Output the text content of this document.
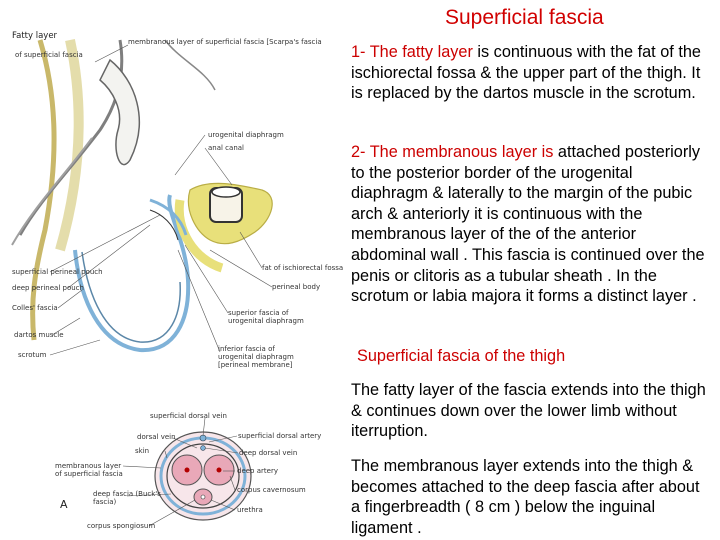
Superficial fascia

1- The fatty layer is continuous with the fat of the ischiorectal fossa & the upper part of the thigh. It is replaced by the dartos muscle in the scrotum.

2- The membranous layer is attached posteriorly to the posterior border of the urogenital diaphragm & laterally to the margin of the pubic arch & anteriorly it is continuous with the membranous layer of the of the anterior abdominal wall . This fascia is continued over the penis or clitoris as a tubular sheath . In the scrotum or labia majora it forms a distinct layer .

Superficial fascia of the thigh

The fatty layer of the fascia extends into the thigh & continues down over the lower limb without iterruption.

The membranous layer extends into the thigh & becomes attached to the deep fascia after about a fingerbreadth ( 8 cm ) below the inguinal ligament .

Fatty layer
membranous layer of superficial fascia [Scarpa's fascia
of superficial fascia
urogenital diaphragm
anal canal
fat of ischiorectal fossa
perineal body
superficial perineal pouch
deep perineal pouch
Colles' fascia
dartos muscle
scrotum
superior fascia of urogenital diaphragm
inferior fascia of urogenital diaphragm [perineal membrane]
superficial dorsal vein
dorsal vein
skin
superficial dorsal artery
deep dorsal vein
membranous layer of superficial fascia	deep artery
corpus cavernosum
deep fascia (Buck's fascia)
urethra
corpus spongiosum
A
